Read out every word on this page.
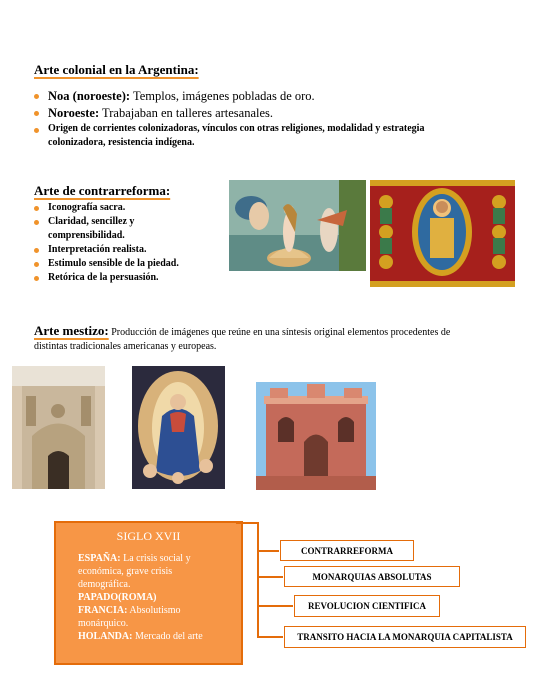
Arte colonial en la Argentina:
Noa (noroeste): Templos, imágenes pobladas de oro.
Noroeste: Trabajaban en talleres artesanales.
Origen de corrientes colonizadoras, vínculos con otras religiones, modalidad y estrategia colonizadora, resistencia indígena.
Arte de contrarreforma:
Iconografía sacra.
Claridad, sencillez y comprensibilidad.
Interpretación realista.
Estimulo sensible de la piedad.
Retórica de la persuasión.
Arte mestizo: Producción de imágenes que reúne en una síntesis original elementos procedentes de distintas tradicionales americanas y europeas.
SIGLO XVII
ESPAÑA: La crisis social y económica, grave crisis demográfica.
PAPADO(ROMA)
FRANCIA: Absolutismo monárquico.
HOLANDA: Mercado del arte
CONTRARREFORMA
MONARQUIAS ABSOLUTAS
REVOLUCION CIENTIFICA
TRANSITO HACIA LA MONARQUIA CAPITALISTA
